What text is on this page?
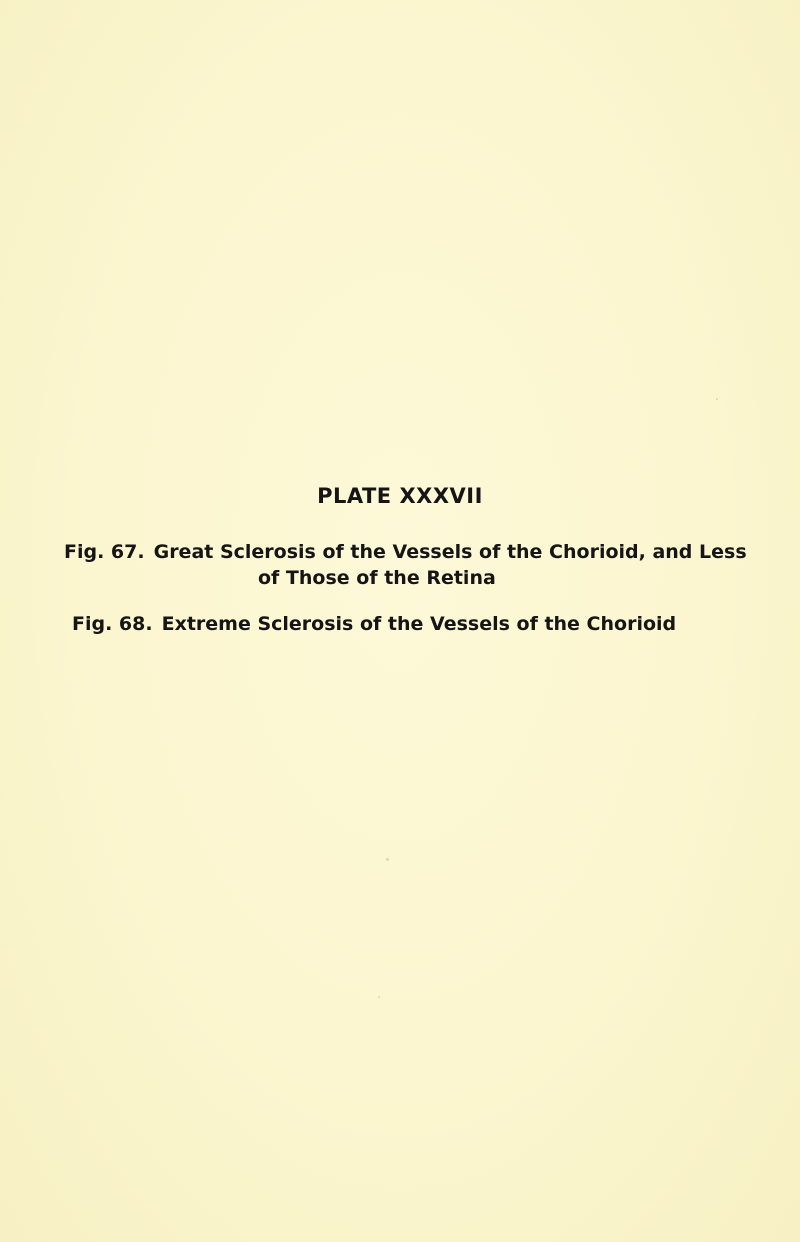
PLATE XXXVII
Fig. 67. Great Sclerosis of the Vessels of the Chorioid, and Less
of Those of the Retina
Fig. 68. Extreme Sclerosis of the Vessels of the Chorioid
